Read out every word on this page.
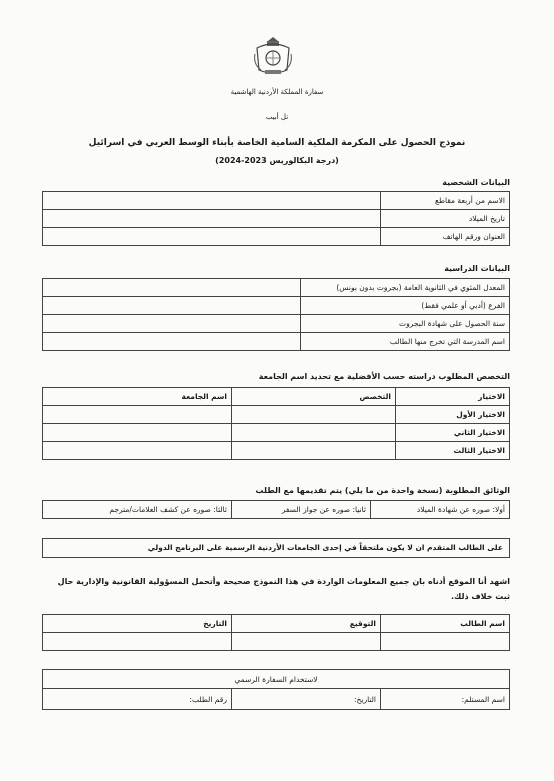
سفارة المملكة الأردنية الهاشمية
تل أبيب
نموذج الحصول على المكرمة الملكية السامية الخاصة بأبناء الوسط العربي في اسرائيل
(درجة البكالوريس 2023-2024)
البيانات الشخصية
الاسم من أربعة مقاطع	
تاريخ الميلاد	
العنوان ورقم الهاتف	
البيانات الدراسية
المعدل المئوي في الثانوية العامة (بجروت بدون بونس)	
الفرع (أدبي أو علمي فقط)	
سنة الحصول على شهادة البجروت	
اسم المدرسة التي تخرج منها الطالب	
التخصص المطلوب دراسته حسب الأفضلية مع تحديد اسم الجامعة
الاختيار	التخصص	اسم الجامعة
الاختيار الأول		
الاختيار الثاني		
الاختيار الثالث		
الوثائق المطلوبة (نسخة واحدة من ما يلي) يتم تقديمها مع الطلب
أولا: صوره عن شهادة الميلاد	ثانيا: صوره عن جواز السفر	ثالثا: صوره عن كشف العلامات/مترجم
على الطالب المتقدم ان لا يكون ملتحقاً في إحدى الجامعات الأردنية الرسمية على البرنامج الدولي
اشهد أنا الموقع أدناه بان جميع المعلومات الواردة في هذا النموذج صحيحة وأتحمل المسؤولية القانونية والإدارية حال ثبت خلاف ذلك.
اسم الطالب	التوقيع	التاريخ

لاستخدام السفارة الرسمي
اسم المستلم:	التاريخ:	رقم الطلب:
